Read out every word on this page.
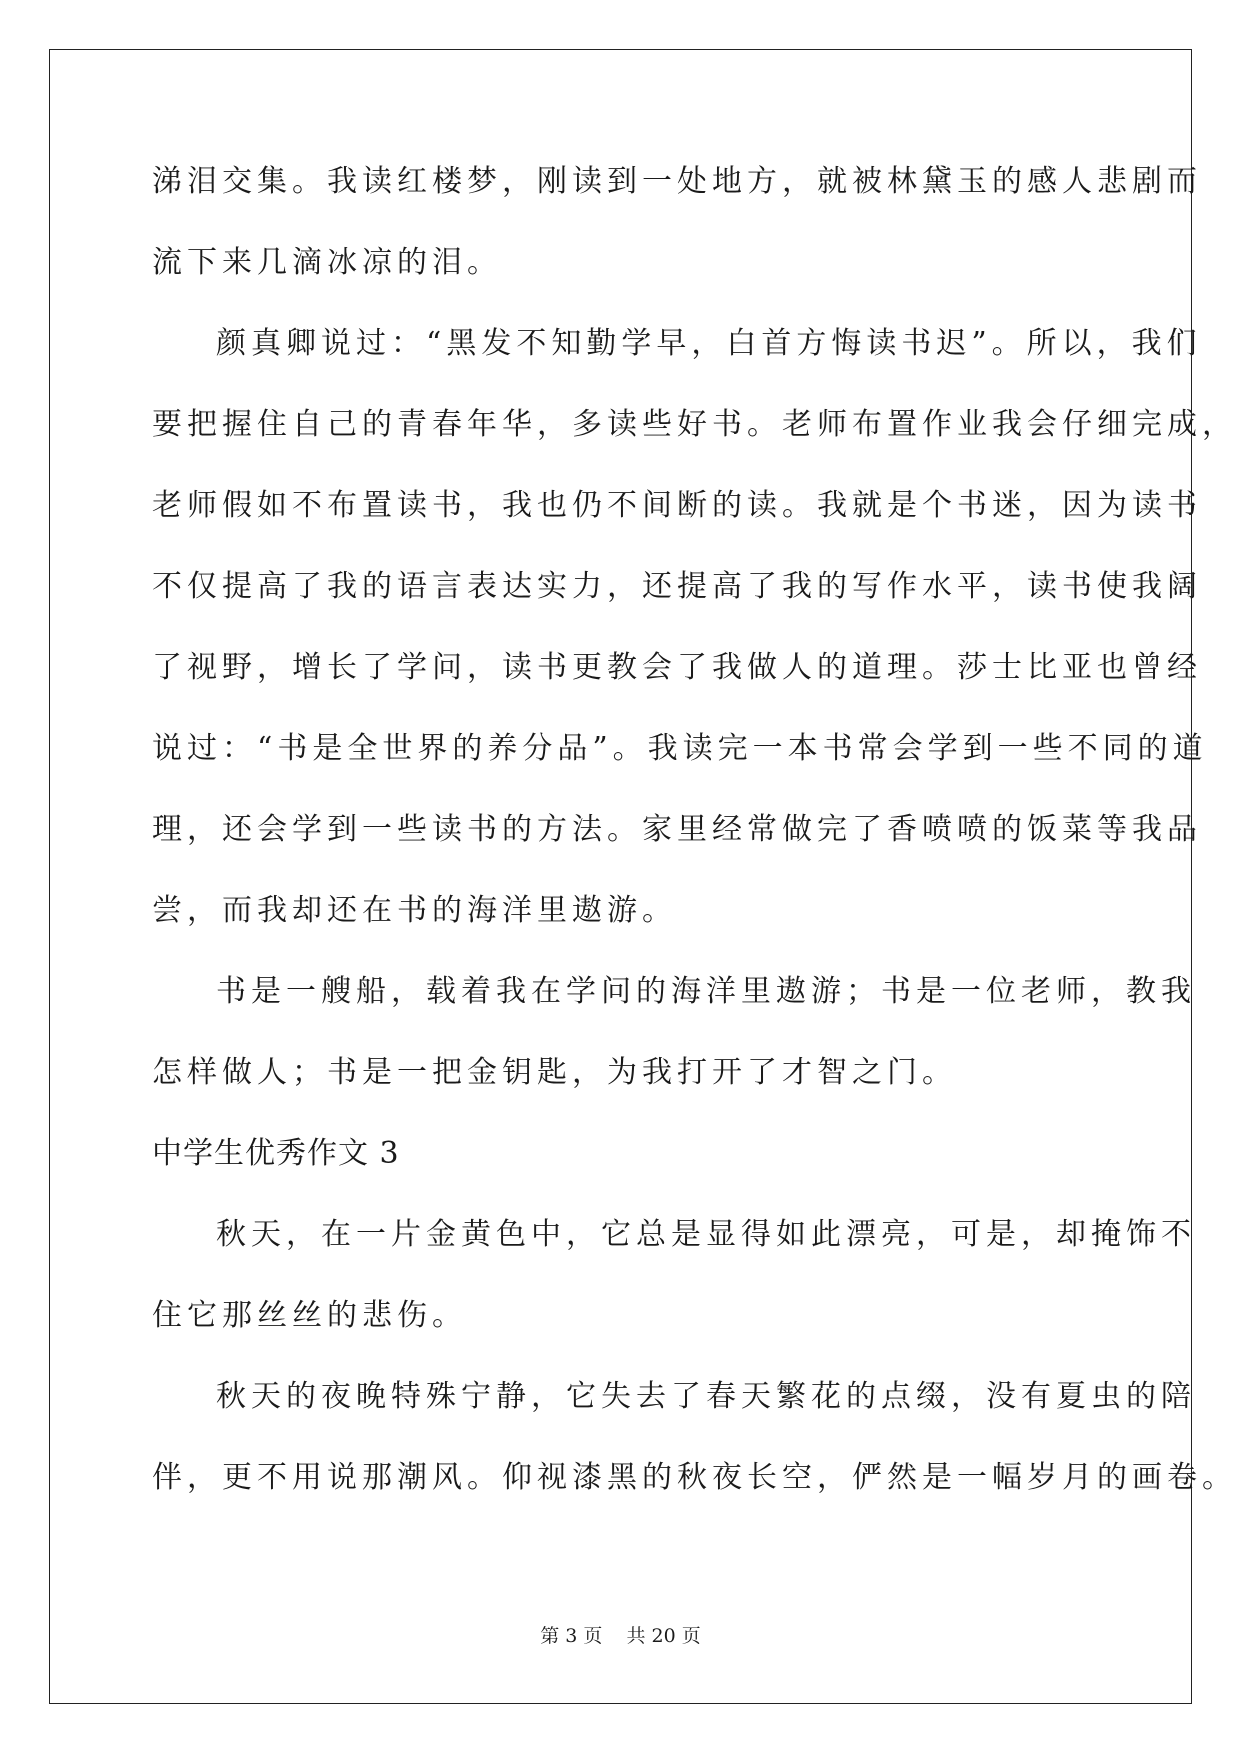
涕泪交集。我读红楼梦，刚读到一处地方，就被林黛玉的感人悲剧而
流下来几滴冰凉的泪。
颜真卿说过：“黑发不知勤学早，白首方悔读书迟”。所以，我们
要把握住自己的青春年华，多读些好书。老师布置作业我会仔细完成，
老师假如不布置读书，我也仍不间断的读。我就是个书迷，因为读书
不仅提高了我的语言表达实力，还提高了我的写作水平，读书使我阔
了视野，增长了学问，读书更教会了我做人的道理。莎士比亚也曾经
说过：“书是全世界的养分品”。我读完一本书常会学到一些不同的道
理，还会学到一些读书的方法。家里经常做完了香喷喷的饭菜等我品
尝，而我却还在书的海洋里遨游。
书是一艘船，载着我在学问的海洋里遨游；书是一位老师，教我
怎样做人；书是一把金钥匙，为我打开了才智之门。
中学生优秀作文 3
秋天，在一片金黄色中，它总是显得如此漂亮，可是，却掩饰不
住它那丝丝的悲伤。
秋天的夜晚特殊宁静，它失去了春天繁花的点缀，没有夏虫的陪
伴，更不用说那潮风。仰视漆黑的秋夜长空，俨然是一幅岁月的画卷。
第 3 页 共 20 页
